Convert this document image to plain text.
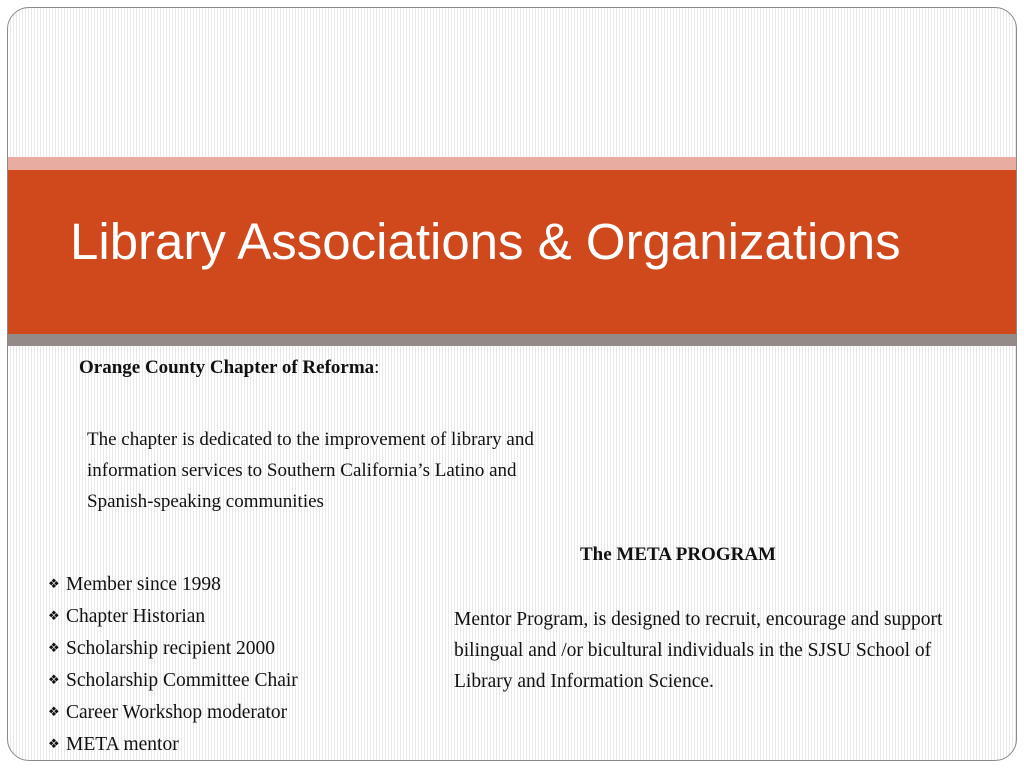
Library Associations & Organizations
Orange County Chapter of Reforma:

The chapter is dedicated to the improvement of library and information services to Southern California’s Latino and Spanish-speaking communities

❖ Member since 1998
❖ Chapter Historian
❖ Scholarship recipient 2000
❖ Scholarship Committee Chair
❖ Career Workshop moderator
❖ META mentor
The META PROGRAM

Mentor Program, is designed to recruit, encourage and support bilingual and /or bicultural individuals in the SJSU School of Library and Information Science.
